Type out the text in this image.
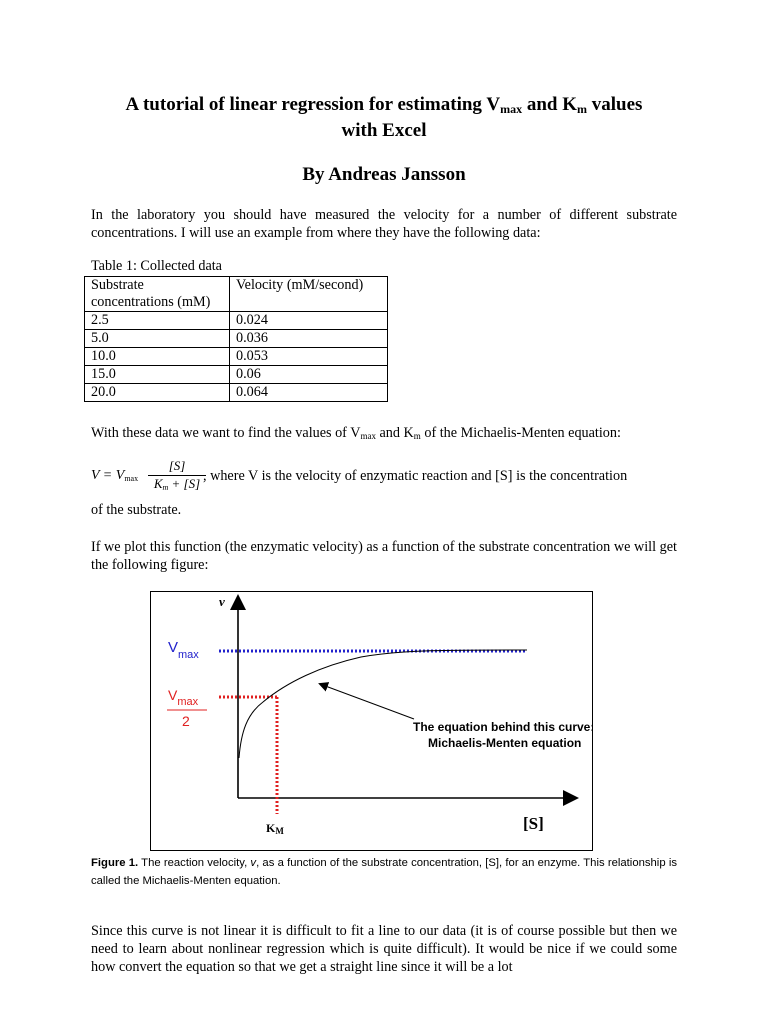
A tutorial of linear regression for estimating $V_{max}$ and $K_m$ values
with Excel
By Andreas Jansson
In the laboratory you should have measured the velocity for a number of different substrate concentrations. I will use an example from where they have the following data:
Table 1: Collected data
Substrate concentrations (mM)	Velocity (mM/second)
2.5	0.024
5.0	0.036
10.0	0.053
15.0	0.06
20.0	0.064
With these data we want to find the values of $V_{max}$ and $K_m$ of the Michaelis-Menten equation:
$V = V_{max}$
[S]
$K_m + [S]$ , where V is the velocity of enzymatic reaction and [S] is the concentration
of the substrate.
If we plot this function (the enzymatic velocity) as a function of the substrate concentration we will get the following figure:
v
[S]
$V_{max}$
$V_{max}$
2
KM
The equation behind this curve:
Michaelis-Menten equation
Figure 1. The reaction velocity, v, as a function of the substrate concentration, [S], for an enzyme. This relationship is called the Michaelis-Menten equation.
Since this curve is not linear it is difficult to fit a line to our data (it is of course possible but then we need to learn about nonlinear regression which is quite difficult). It would be nice if we could some how convert the equation so that we get a straight line since it will be a lot
